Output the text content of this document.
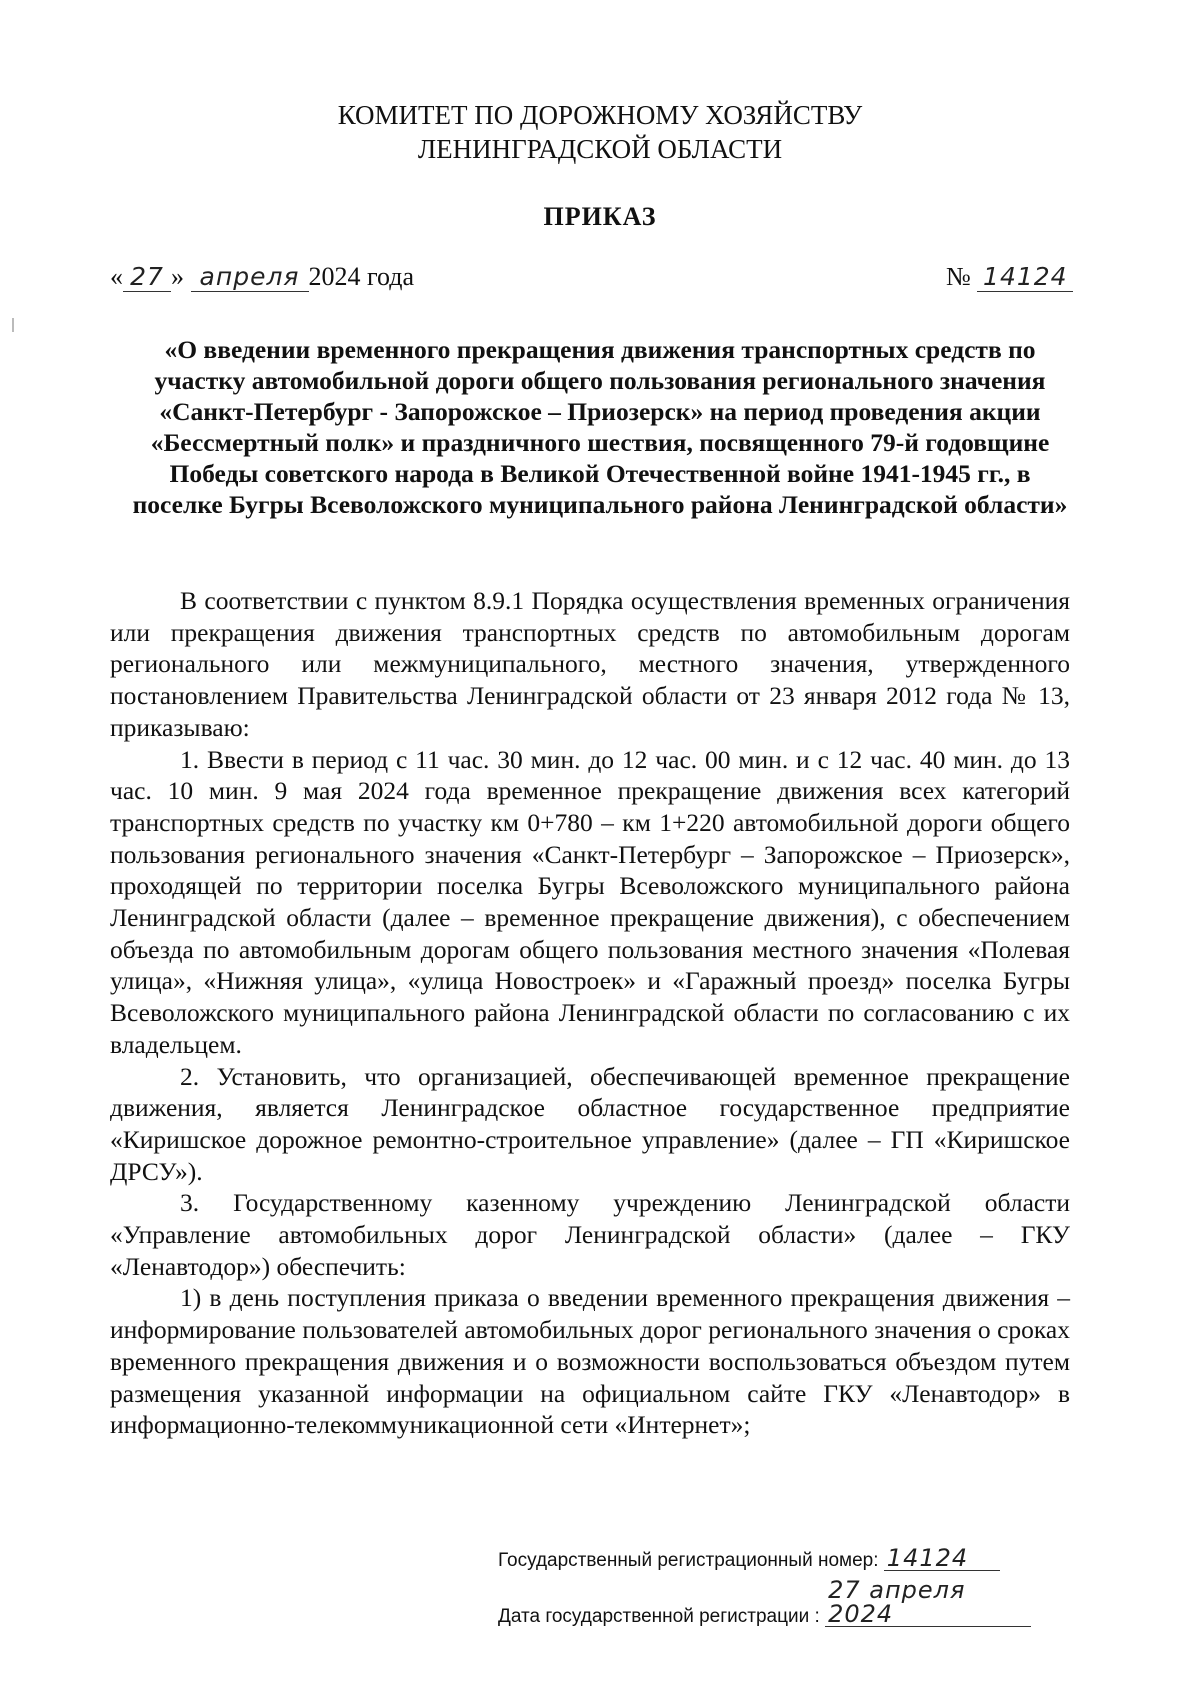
КОМИТЕТ ПО ДОРОЖНОМУ ХОЗЯЙСТВУ
ЛЕНИНГРАДСКОЙ ОБЛАСТИ
ПРИКАЗ
« 27 » апреля 2024 года	№ 14124
«О введении временного прекращения движения транспортных средств по участку автомобильной дороги общего пользования регионального значения «Санкт-Петербург - Запорожское – Приозерск» на период проведения акции «Бессмертный полк» и праздничного шествия, посвященного 79-й годовщине Победы советского народа в Великой Отечественной войне 1941-1945 гг., в поселке Бугры Всеволожского муниципального района Ленинградской области»

В соответствии с пунктом 8.9.1 Порядка осуществления временных ограничения или прекращения движения транспортных средств по автомобильным дорогам регионального или межмуниципального, местного значения, утвержденного постановлением Правительства Ленинградской области от 23 января 2012 года № 13, приказываю:

1. Ввести в период с 11 час. 30 мин. до 12 час. 00 мин. и с 12 час. 40 мин. до 13 час. 10 мин. 9 мая 2024 года временное прекращение движения всех категорий транспортных средств по участку км 0+780 – км 1+220 автомобильной дороги общего пользования регионального значения «Санкт-Петербург – Запорожское – Приозерск», проходящей по территории поселка Бугры Всеволожского муниципального района Ленинградской области (далее – временное прекращение движения), с обеспечением объезда по автомобильным дорогам общего пользования местного значения «Полевая улица», «Нижняя улица», «улица Новостроек» и «Гаражный проезд» поселка Бугры Всеволожского муниципального района Ленинградской области по согласованию с их владельцем.

2. Установить, что организацией, обеспечивающей временное прекращение движения, является Ленинградское областное государственное предприятие «Киришское дорожное ремонтно-строительное управление» (далее – ГП «Киришское ДРСУ»).

3. Государственному казенному учреждению Ленинградской области «Управление автомобильных дорог Ленинградской области» (далее – ГКУ «Ленавтодор») обеспечить:

1) в день поступления приказа о введении временного прекращения движения – информирование пользователей автомобильных дорог регионального значения о сроках временного прекращения движения и о возможности воспользоваться объездом путем размещения указанной информации на официальном сайте ГКУ «Ленавтодор» в информационно-телекоммуникационной сети «Интернет»;

Государственный регистрационный номер: 14124
Дата государственной регистрации : 27 апреля 2024
